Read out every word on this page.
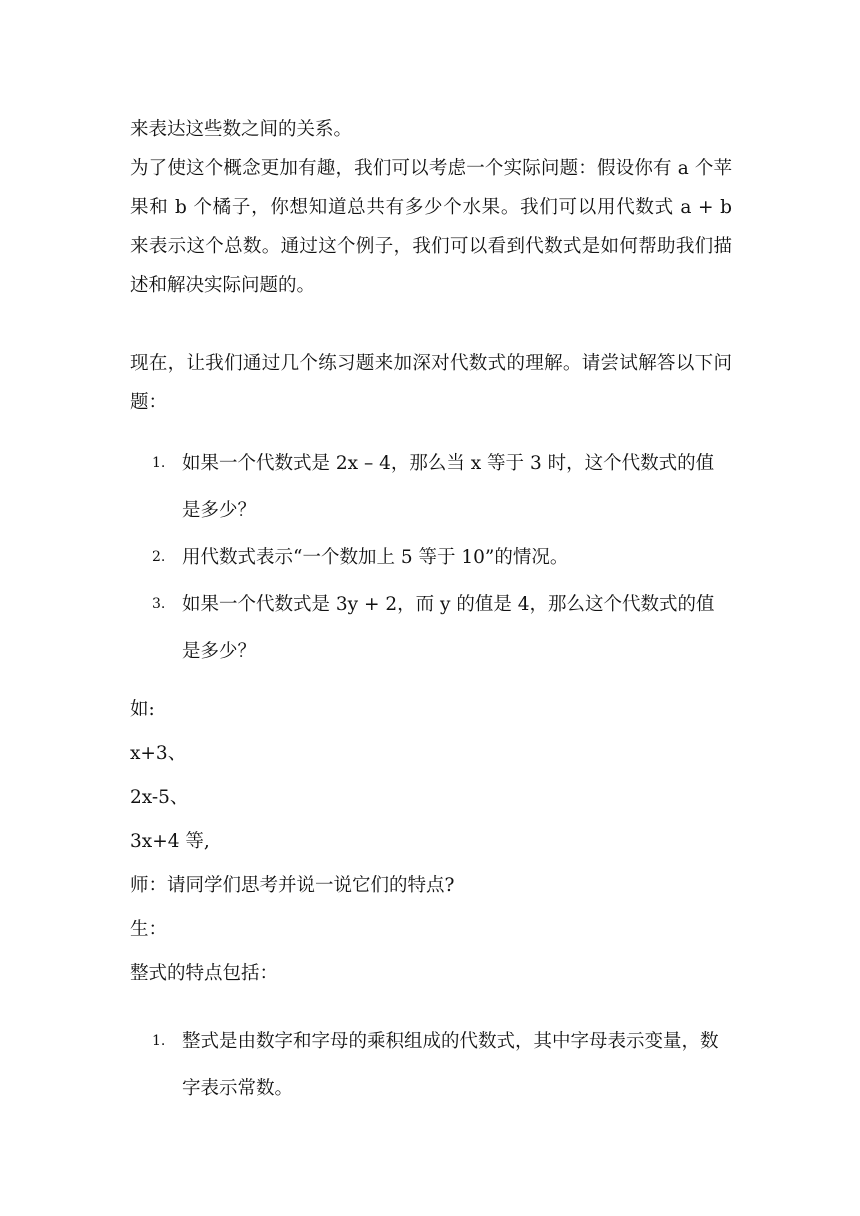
来表达这些数之间的关系。

为了使这个概念更加有趣，我们可以考虑一个实际问题：假设你有 a 个苹果和 b 个橘子，你想知道总共有多少个水果。我们可以用代数式 a + b 来表示这个总数。通过这个例子，我们可以看到代数式是如何帮助我们描述和解决实际问题的。

现在，让我们通过几个练习题来加深对代数式的理解。请尝试解答以下问题：

1. 如果一个代数式是 2x – 4，那么当 x 等于 3 时，这个代数式的值是多少？
2. 用代数式表示“一个数加上 5 等于 10”的情况。
3. 如果一个代数式是 3y + 2，而 y 的值是 4，那么这个代数式的值是多少？

如:

x+3、

2x-5、

3x+4 等,

师：请同学们思考并说一说它们的特点?

生：

整式的特点包括：

1. 整式是由数字和字母的乘积组成的代数式，其中字母表示变量，数字表示常数。
